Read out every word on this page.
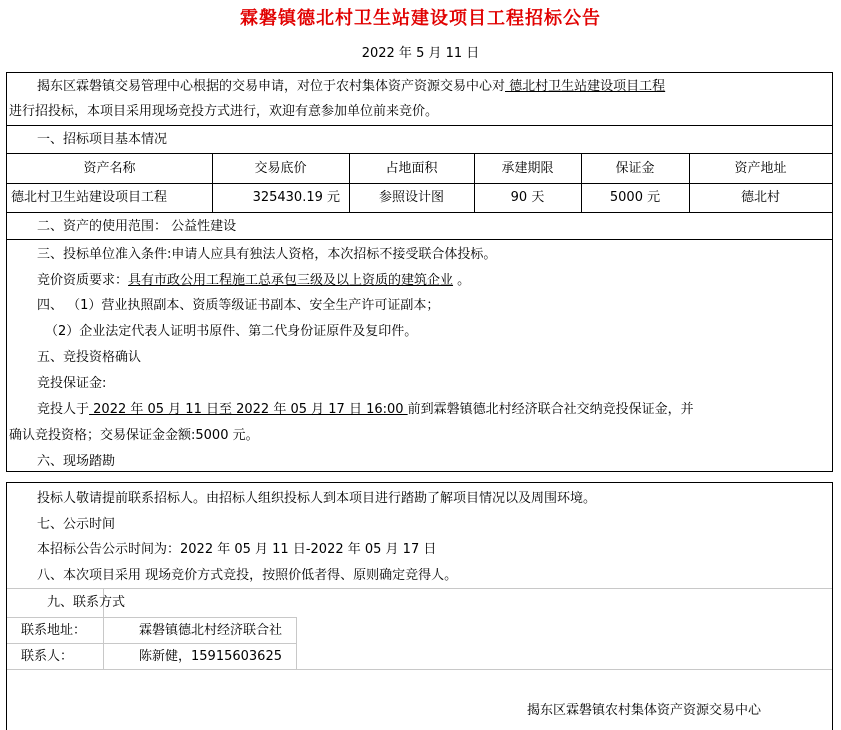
霖磐镇德北村卫生站建设项目工程招标公告
2022 年 5 月 11 日
揭东区霖磐镇交易管理中心根据的交易申请，对位于农村集体资产资源交易中心对 德北村卫生站建设项目工程
进行招投标，本项目采用现场竞投方式进行，欢迎有意参加单位前来竞价。
一、招标项目基本情况
资产名称	交易底价	占地面积	承建期限	保证金	资产地址
德北村卫生站建设项目工程	325430.19 元	参照设计图	90 天	5000 元	德北村
二、资产的使用范围： 公益性建设
三、投标单位准入条件:申请人应具有独法人资格，本次招标不接受联合体投标。
竞价资质要求：具有市政公用工程施工总承包三级及以上资质的建筑企业 。
四、 （1）营业执照副本、资质等级证书副本、安全生产许可证副本；
（2）企业法定代表人证明书原件、第二代身份证原件及复印件。
五、竞投资格确认
竞投保证金:
竞投人于 2022 年 05 月 11 日至 2022 年 05 月 17 日 16:00 前到霖磐镇德北村经济联合社交纳竞投保证金，并
确认竞投资格；交易保证金金额:5000 元。
六、现场踏勘
投标人敬请提前联系招标人。由招标人组织投标人到本项目进行踏勘了解项目情况以及周围环境。
七、公示时间
本招标公告公示时间为：2022 年 05 月 11 日-2022 年 05 月 17 日
八、本次项目采用 现场竞价方式竞投，按照价低者得、原则确定竞得人。
九、联系方式
联系地址：	霖磐镇德北村经济联合社
联系人：	陈新健，15915603625
揭东区霖磐镇农村集体资产资源交易中心
